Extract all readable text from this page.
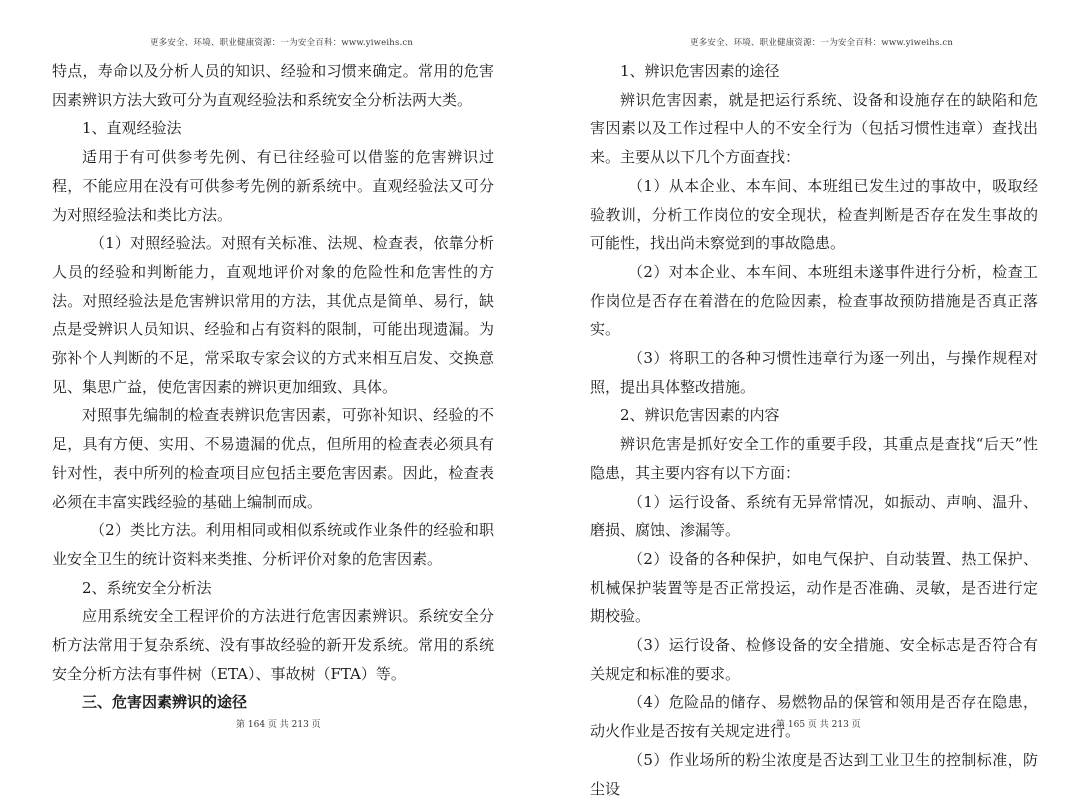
更多安全、环境、职业健康资源：一为安全百科：www.yiweihs.cn

特点，寿命以及分析人员的知识、经验和习惯来确定。常用的危害因素辨识方法大致可分为直观经验法和系统安全分析法两大类。

1、直观经验法

适用于有可供参考先例、有已往经验可以借鉴的危害辨识过程，不能应用在没有可供参考先例的新系统中。直观经验法又可分为对照经验法和类比方法。

（1）对照经验法。对照有关标准、法规、检查表，依靠分析人员的经验和判断能力，直观地评价对象的危险性和危害性的方法。对照经验法是危害辨识常用的方法，其优点是简单、易行，缺点是受辨识人员知识、经验和占有资料的限制，可能出现遗漏。为弥补个人判断的不足，常采取专家会议的方式来相互启发、交换意见、集思广益，使危害因素的辨识更加细致、具体。

对照事先编制的检查表辨识危害因素，可弥补知识、经验的不足，具有方便、实用、不易遗漏的优点，但所用的检查表必须具有针对性，表中所列的检查项目应包括主要危害因素。因此，检查表必须在丰富实践经验的基础上编制而成。

（2）类比方法。利用相同或相似系统或作业条件的经验和职业安全卫生的统计资料来类推、分析评价对象的危害因素。

2、系统安全分析法

应用系统安全工程评价的方法进行危害因素辨识。系统安全分析方法常用于复杂系统、没有事故经验的新开发系统。常用的系统安全分析方法有事件树（ETA）、事故树（FTA）等。

三、危害因素辨识的途径

第 164 页 共 213 页
更多安全、环境、职业健康资源：一为安全百科：www.yiweihs.cn

1、辨识危害因素的途径

辨识危害因素，就是把运行系统、设备和设施存在的缺陷和危害因素以及工作过程中人的不安全行为（包括习惯性违章）查找出来。主要从以下几个方面查找：

（1）从本企业、本车间、本班组已发生过的事故中，吸取经验教训，分析工作岗位的安全现状，检查判断是否存在发生事故的可能性，找出尚未察觉到的事故隐患。

（2）对本企业、本车间、本班组未遂事件进行分析，检查工作岗位是否存在着潜在的危险因素，检查事故预防措施是否真正落实。

（3）将职工的各种习惯性违章行为逐一列出，与操作规程对照，提出具体整改措施。

2、辨识危害因素的内容

辨识危害是抓好安全工作的重要手段，其重点是查找“后天”性隐患，其主要内容有以下方面：

（1）运行设备、系统有无异常情况，如振动、声响、温升、磨损、腐蚀、渗漏等。

（2）设备的各种保护，如电气保护、自动装置、热工保护、机械保护装置等是否正常投运，动作是否准确、灵敏，是否进行定期校验。

（3）运行设备、检修设备的安全措施、安全标志是否符合有关规定和标准的要求。

（4）危险品的储存、易燃物品的保管和领用是否存在隐患，动火作业是否按有关规定进行。

（5）作业场所的粉尘浓度是否达到工业卫生的控制标准，防尘设

第 165 页 共 213 页
